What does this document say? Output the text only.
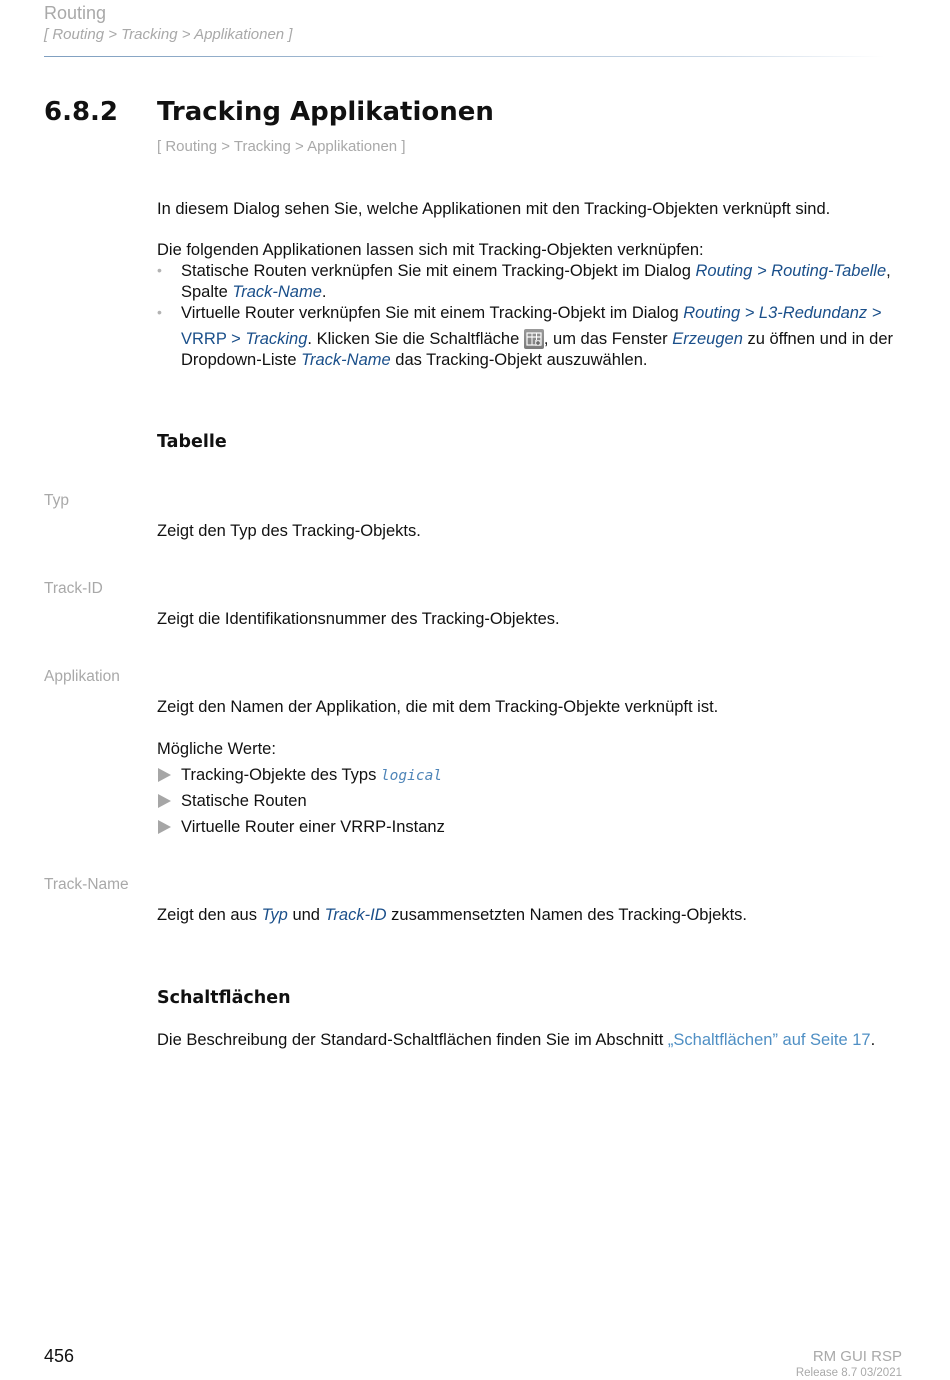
Routing
[ Routing > Tracking > Applikationen ]
6.8.2 Tracking Applikationen
[ Routing > Tracking > Applikationen ]
In diesem Dialog sehen Sie, welche Applikationen mit den Tracking-Objekten verknüpft sind.
Die folgenden Applikationen lassen sich mit Tracking-Objekten verknüpfen:
• Statische Routen verknüpfen Sie mit einem Tracking-Objekt im Dialog Routing > Routing-Tabelle,
Spalte Track-Name.
• Virtuelle Router verknüpfen Sie mit einem Tracking-Objekt im Dialog Routing > L3-Redundanz >
VRRP > Tracking. Klicken Sie die Schaltfläche
, um das Fenster Erzeugen zu öffnen und in der
Dropdown-Liste Track-Name das Tracking-Objekt auszuwählen.
Tabelle
Typ
Zeigt den Typ des Tracking-Objekts.
Track-ID
Zeigt die Identifikationsnummer des Tracking-Objektes.
Applikation
Zeigt den Namen der Applikation, die mit dem Tracking-Objekte verknüpft ist.
Mögliche Werte:
Tracking-Objekte des Typs logical
Statische Routen
Virtuelle Router einer VRRP-Instanz
Track-Name
Zeigt den aus Typ und Track-ID zusammensetzten Namen des Tracking-Objekts.
Schaltflächen
Die Beschreibung der Standard-Schaltflächen finden Sie im Abschnitt „Schaltflächen” auf Seite 17.
456	RM GUI RSP
Release 8.7 03/2021
